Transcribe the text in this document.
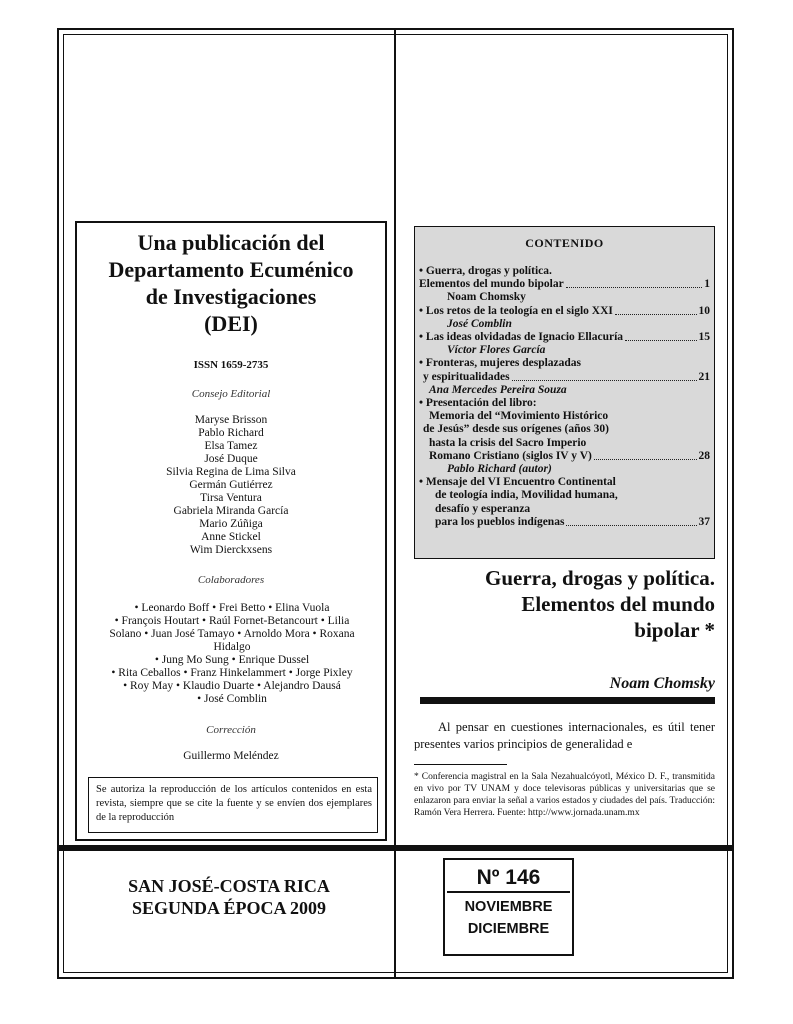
Una publicación del
Departamento Ecuménico
de Investigaciones
(DEI)
ISSN 1659-2735
Consejo Editorial
Maryse Brisson
Pablo Richard
Elsa Tamez
José Duque
Silvia Regina de Lima Silva
Germán Gutiérrez
Tirsa Ventura
Gabriela Miranda García
Mario Zúñiga
Anne Stickel
Wim Dierckxsens
Colaboradores
• Leonardo Boff • Frei Betto • Elina Vuola
• François Houtart • Raúl Fornet-Betancourt • Lilia
Solano • Juan José Tamayo • Arnoldo Mora • Roxana
Hidalgo
• Jung Mo Sung • Enrique Dussel
• Rita Ceballos • Franz Hinkelammert • Jorge Pixley
• Roy May • Klaudio Duarte • Alejandro Dausá
• José Comblin
Corrección
Guillermo Meléndez
Se autoriza la reproducción de los artículos contenidos en esta revista, siempre que se cite la fuente y se envíen dos ejemplares de la reproducción
CONTENIDO
• Guerra, drogas y política.
Elementos del mundo bipolar	1
Noam Chomsky
• Los retos de la teología en el siglo XXI	10
José Comblin
• Las ideas olvidadas de Ignacio Ellacuría	15
Víctor Flores García
• Fronteras, mujeres desplazadas
y espiritualidades	21
Ana Mercedes Pereira Souza
• Presentación del libro:
Memoria del “Movimiento Histórico
de Jesús” desde sus orígenes (años 30)
hasta la crisis del Sacro Imperio
Romano Cristiano (siglos IV y V)	28
Pablo Richard (autor)
• Mensaje del VI Encuentro Continental
de teología india, Movilidad humana,
desafío y esperanza
para los pueblos indígenas	37
Guerra, drogas y política.
Elementos del mundo
bipolar *
Noam Chomsky
Al pensar en cuestiones internacionales, es útil tener presentes varios principios de generalidad e
* Conferencia magistral en la Sala Nezahualcóyotl, México D. F., transmitida en vivo por TV UNAM y doce televisoras públicas y universitarias que se enlazaron para enviar la señal a varios estados y ciudades del país. Traducción: Ramón Vera Herrera. Fuente: http://www.jornada.unam.mx
SAN JOSÉ-COSTA RICA
SEGUNDA ÉPOCA 2009
Nº 146
NOVIEMBRE
DICIEMBRE
